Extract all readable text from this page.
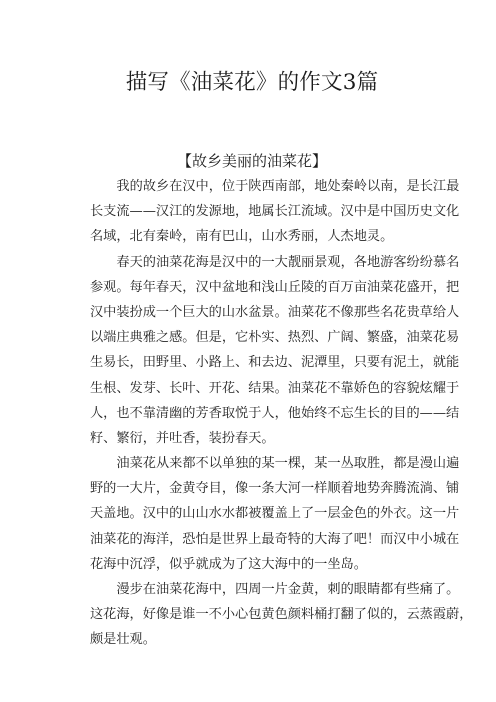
描写《油菜花》的作文3篇
【故乡美丽的油菜花】

我的故乡在汉中，位于陕西南部，地处秦岭以南，是长江最
长支流——汉江的发源地，地属长江流域。汉中是中国历史文化
名域，北有秦岭，南有巴山，山水秀丽，人杰地灵。

春天的油菜花海是汉中的一大靓丽景观，各地游客纷纷慕名
参观。每年春天，汉中盆地和浅山丘陵的百万亩油菜花盛开，把
汉中装扮成一个巨大的山水盆景。油菜花不像那些名花贵草给人
以端庄典雅之感。但是，它朴实、热烈、广阔、繁盛，油菜花易
生易长，田野里、小路上、和去边、泥潭里，只要有泥土，就能
生根、发芽、长叶、开花、结果。油菜花不靠娇色的容貌炫耀于
人，也不靠清幽的芳香取悦于人，他始终不忘生长的目的——结
籽、繁衍，并吐香，装扮春天。

油菜花从来都不以单独的某一棵，某一丛取胜，都是漫山遍
野的一大片，金黄夺目，像一条大河一样顺着地势奔腾流淌、铺
天盖地。汉中的山山水水都被覆盖上了一层金色的外衣。这一片
油菜花的海洋，恐怕是世界上最奇特的大海了吧！而汉中小城在
花海中沉浮，似乎就成为了这大海中的一坐岛。

漫步在油菜花海中，四周一片金黄，刺的眼睛都有些痛了。
这花海，好像是谁一不小心包黄色颜料桶打翻了似的，云蒸霞蔚，
颇是壮观。
